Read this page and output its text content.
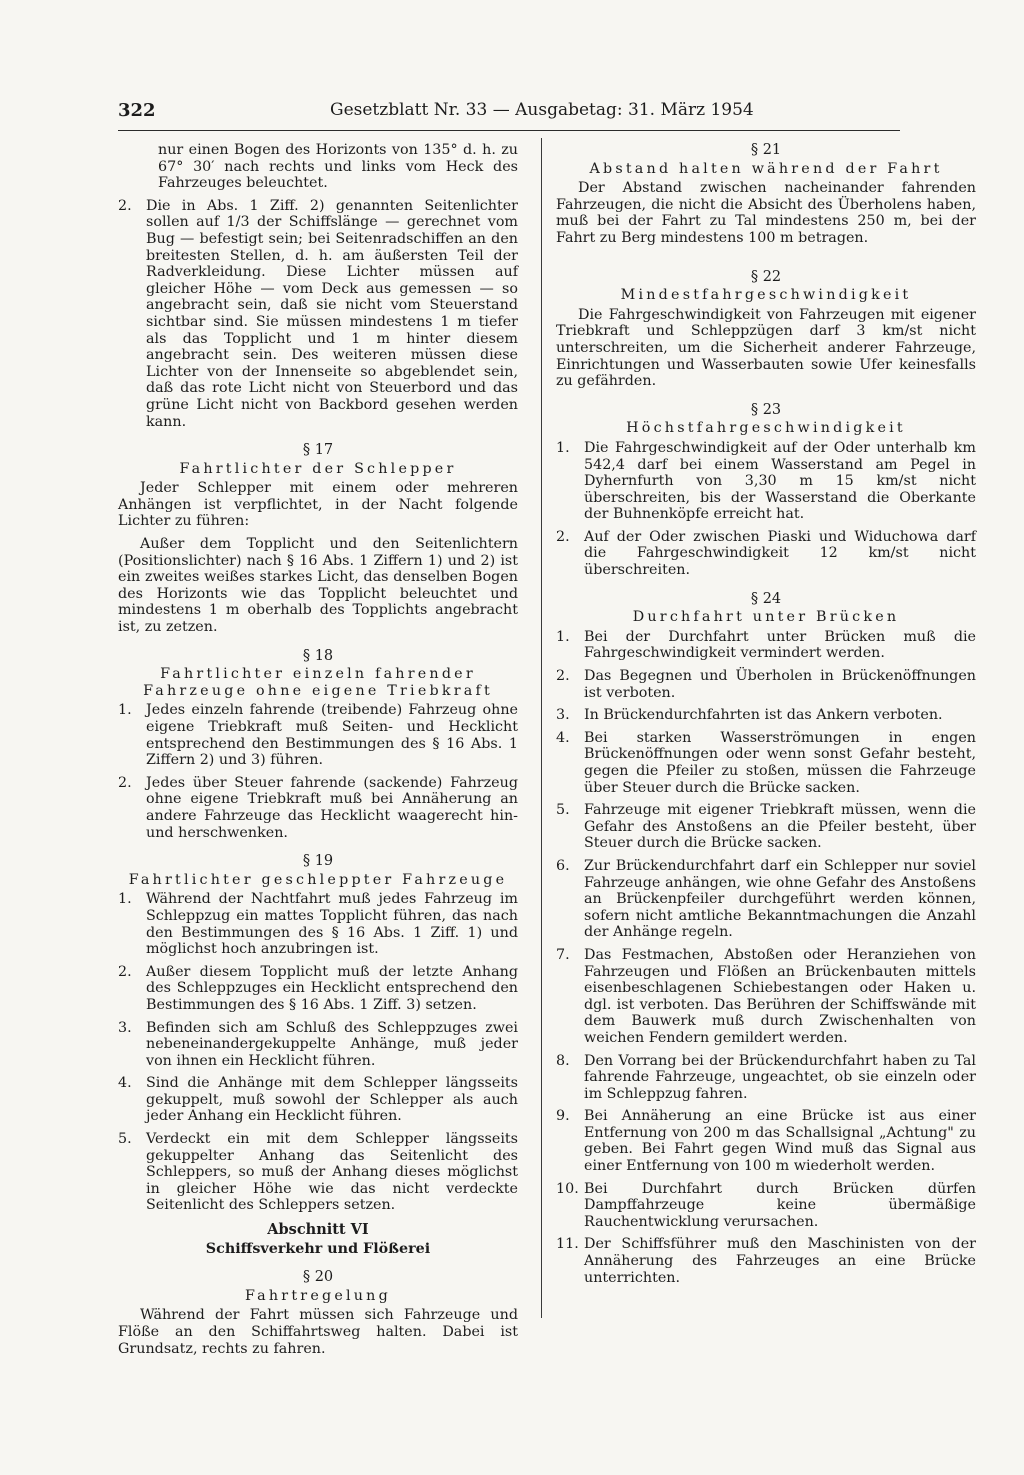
322	Gesetzblatt Nr. 33 — Ausgabetag: 31. März 1954

nur einen Bogen des Horizonts von 135° d. h. zu 67° 30′ nach rechts und links vom Heck des Fahrzeuges beleuchtet.

2.	Die in Abs. 1 Ziff. 2) genannten Seitenlichter sollen auf 1/3 der Schiffslänge — gerechnet vom Bug — befestigt sein; bei Seitenradschiffen an den breitesten Stellen, d. h. am äußersten Teil der Radverkleidung. Diese Lichter müssen auf gleicher Höhe — vom Deck aus gemessen — so angebracht sein, daß sie nicht vom Steuerstand sichtbar sind. Sie müssen mindestens 1 m tiefer als das Topplicht und 1 m hinter diesem angebracht sein. Des weiteren müssen diese Lichter von der Innenseite so abgeblendet sein, daß das rote Licht nicht von Steuerbord und das grüne Licht nicht von Backbord gesehen werden kann.
§ 17
Fahrtlichter der Schlepper

Jeder Schlepper mit einem oder mehreren Anhängen ist verpflichtet, in der Nacht folgende Lichter zu führen:

Außer dem Topplicht und den Seitenlichtern (Positionslichter) nach § 16 Abs. 1 Ziffern 1) und 2) ist ein zweites weißes starkes Licht, das denselben Bogen des Horizonts wie das Topplicht beleuchtet und mindestens 1 m oberhalb des Topplichts angebracht ist, zu zetzen.

§ 18
Fahrtlichter einzeln fahrender Fahrzeuge ohne eigene Triebkraft
1.	Jedes einzeln fahrende (treibende) Fahrzeug ohne eigene Triebkraft muß Seiten- und Hecklicht entsprechend den Bestimmungen des § 16 Abs. 1 Ziffern 2) und 3) führen.
2.	Jedes über Steuer fahrende (sackende) Fahrzeug ohne eigene Triebkraft muß bei Annäherung an andere Fahrzeuge das Hecklicht waagerecht hin- und herschwenken.
§ 19
Fahrtlichter geschleppter Fahrzeuge
1.	Während der Nachtfahrt muß jedes Fahrzeug im Schleppzug ein mattes Topplicht führen, das nach den Bestimmungen des § 16 Abs. 1 Ziff. 1) und möglichst hoch anzubringen ist.
2.	Außer diesem Topplicht muß der letzte Anhang des Schleppzuges ein Hecklicht entsprechend den Bestimmungen des § 16 Abs. 1 Ziff. 3) setzen.
3.	Befinden sich am Schluß des Schleppzuges zwei nebeneinandergekuppelte Anhänge, muß jeder von ihnen ein Hecklicht führen.
4.	Sind die Anhänge mit dem Schlepper längsseits gekuppelt, muß sowohl der Schlepper als auch jeder Anhang ein Hecklicht führen.
5.	Verdeckt ein mit dem Schlepper längsseits gekuppelter Anhang das Seitenlicht des Schleppers, so muß der Anhang dieses möglichst in gleicher Höhe wie das nicht verdeckte Seitenlicht des Schleppers setzen.
Abschnitt VI
Schiffsverkehr und Flößerei
§ 20
Fahrtregelung

Während der Fahrt müssen sich Fahrzeuge und Flöße an den Schiffahrtsweg halten. Dabei ist Grundsatz, rechts zu fahren.

§ 21
Abstand halten während der Fahrt

Der Abstand zwischen nacheinander fahrenden Fahrzeugen, die nicht die Absicht des Überholens haben, muß bei der Fahrt zu Tal mindestens 250 m, bei der Fahrt zu Berg mindestens 100 m betragen.

§ 22
Mindestfahrgeschwindigkeit

Die Fahrgeschwindigkeit von Fahrzeugen mit eigener Triebkraft und Schleppzügen darf 3 km/st nicht unterschreiten, um die Sicherheit anderer Fahrzeuge, Einrichtungen und Wasserbauten sowie Ufer keinesfalls zu gefährden.

§ 23
Höchstfahrgeschwindigkeit
1.	Die Fahrgeschwindigkeit auf der Oder unterhalb km 542,4 darf bei einem Wasserstand am Pegel in Dyhernfurth von 3,30 m 15 km/st nicht überschreiten, bis der Wasserstand die Oberkante der Buhnenköpfe erreicht hat.
2.	Auf der Oder zwischen Piaski und Widuchowa darf die Fahrgeschwindigkeit 12 km/st nicht überschreiten.
§ 24
Durchfahrt unter Brücken
1.	Bei der Durchfahrt unter Brücken muß die Fahrgeschwindigkeit vermindert werden.
2.	Das Begegnen und Überholen in Brückenöffnungen ist verboten.
3.	In Brückendurchfahrten ist das Ankern verboten.
4.	Bei starken Wasserströmungen in engen Brückenöffnungen oder wenn sonst Gefahr besteht, gegen die Pfeiler zu stoßen, müssen die Fahrzeuge über Steuer durch die Brücke sacken.
5.	Fahrzeuge mit eigener Triebkraft müssen, wenn die Gefahr des Anstoßens an die Pfeiler besteht, über Steuer durch die Brücke sacken.
6.	Zur Brückendurchfahrt darf ein Schlepper nur soviel Fahrzeuge anhängen, wie ohne Gefahr des Anstoßens an Brückenpfeiler durchgeführt werden können, sofern nicht amtliche Bekanntmachungen die Anzahl der Anhänge regeln.
7.	Das Festmachen, Abstoßen oder Heranziehen von Fahrzeugen und Flößen an Brückenbauten mittels eisenbeschlagenen Schiebestangen oder Haken u. dgl. ist verboten. Das Berühren der Schiffswände mit dem Bauwerk muß durch Zwischenhalten von weichen Fendern gemildert werden.
8.	Den Vorrang bei der Brückendurchfahrt haben zu Tal fahrende Fahrzeuge, ungeachtet, ob sie einzeln oder im Schleppzug fahren.
9.	Bei Annäherung an eine Brücke ist aus einer Entfernung von 200 m das Schallsignal „Achtung" zu geben. Bei Fahrt gegen Wind muß das Signal aus einer Entfernung von 100 m wiederholt werden.
10. Bei Durchfahrt durch Brücken dürfen Dampffahrzeuge keine übermäßige Rauchentwicklung verursachen.
11. Der Schiffsführer muß den Maschinisten von der Annäherung des Fahrzeuges an eine Brücke unterrichten.
